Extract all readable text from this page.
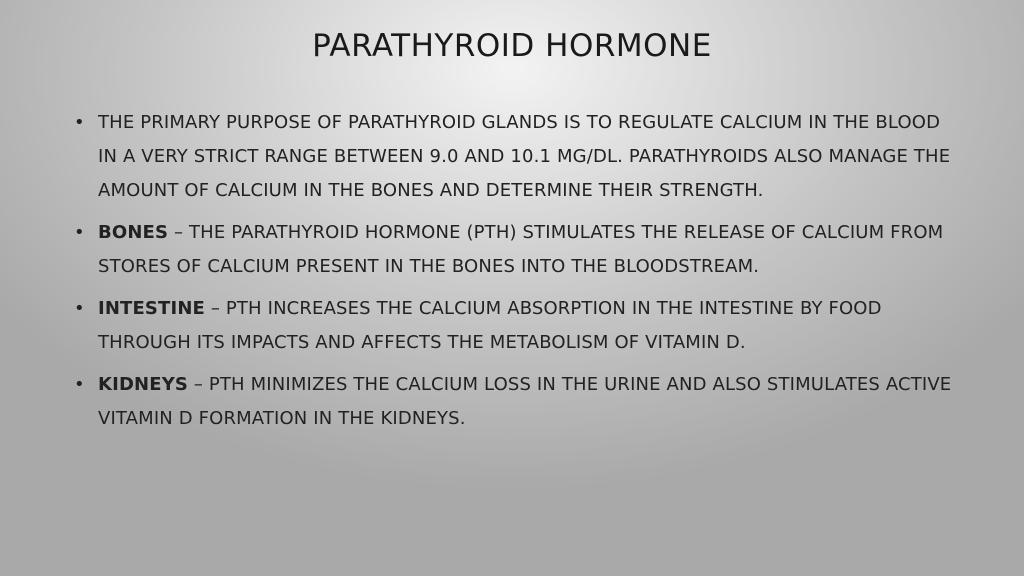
PARATHYROID HORMONE
• THE PRIMARY PURPOSE OF PARATHYROID GLANDS IS TO REGULATE CALCIUM IN THE BLOOD IN A VERY STRICT RANGE BETWEEN 9.0 AND 10.1 MG/DL. PARATHYROIDS ALSO MANAGE THE AMOUNT OF CALCIUM IN THE BONES AND DETERMINE THEIR STRENGTH.
• BONES – THE PARATHYROID HORMONE (PTH) STIMULATES THE RELEASE OF CALCIUM FROM STORES OF CALCIUM PRESENT IN THE BONES INTO THE BLOODSTREAM.
• INTESTINE – PTH INCREASES THE CALCIUM ABSORPTION IN THE INTESTINE BY FOOD THROUGH ITS IMPACTS AND AFFECTS THE METABOLISM OF VITAMIN D.
• KIDNEYS – PTH MINIMIZES THE CALCIUM LOSS IN THE URINE AND ALSO STIMULATES ACTIVE VITAMIN D FORMATION IN THE KIDNEYS.
